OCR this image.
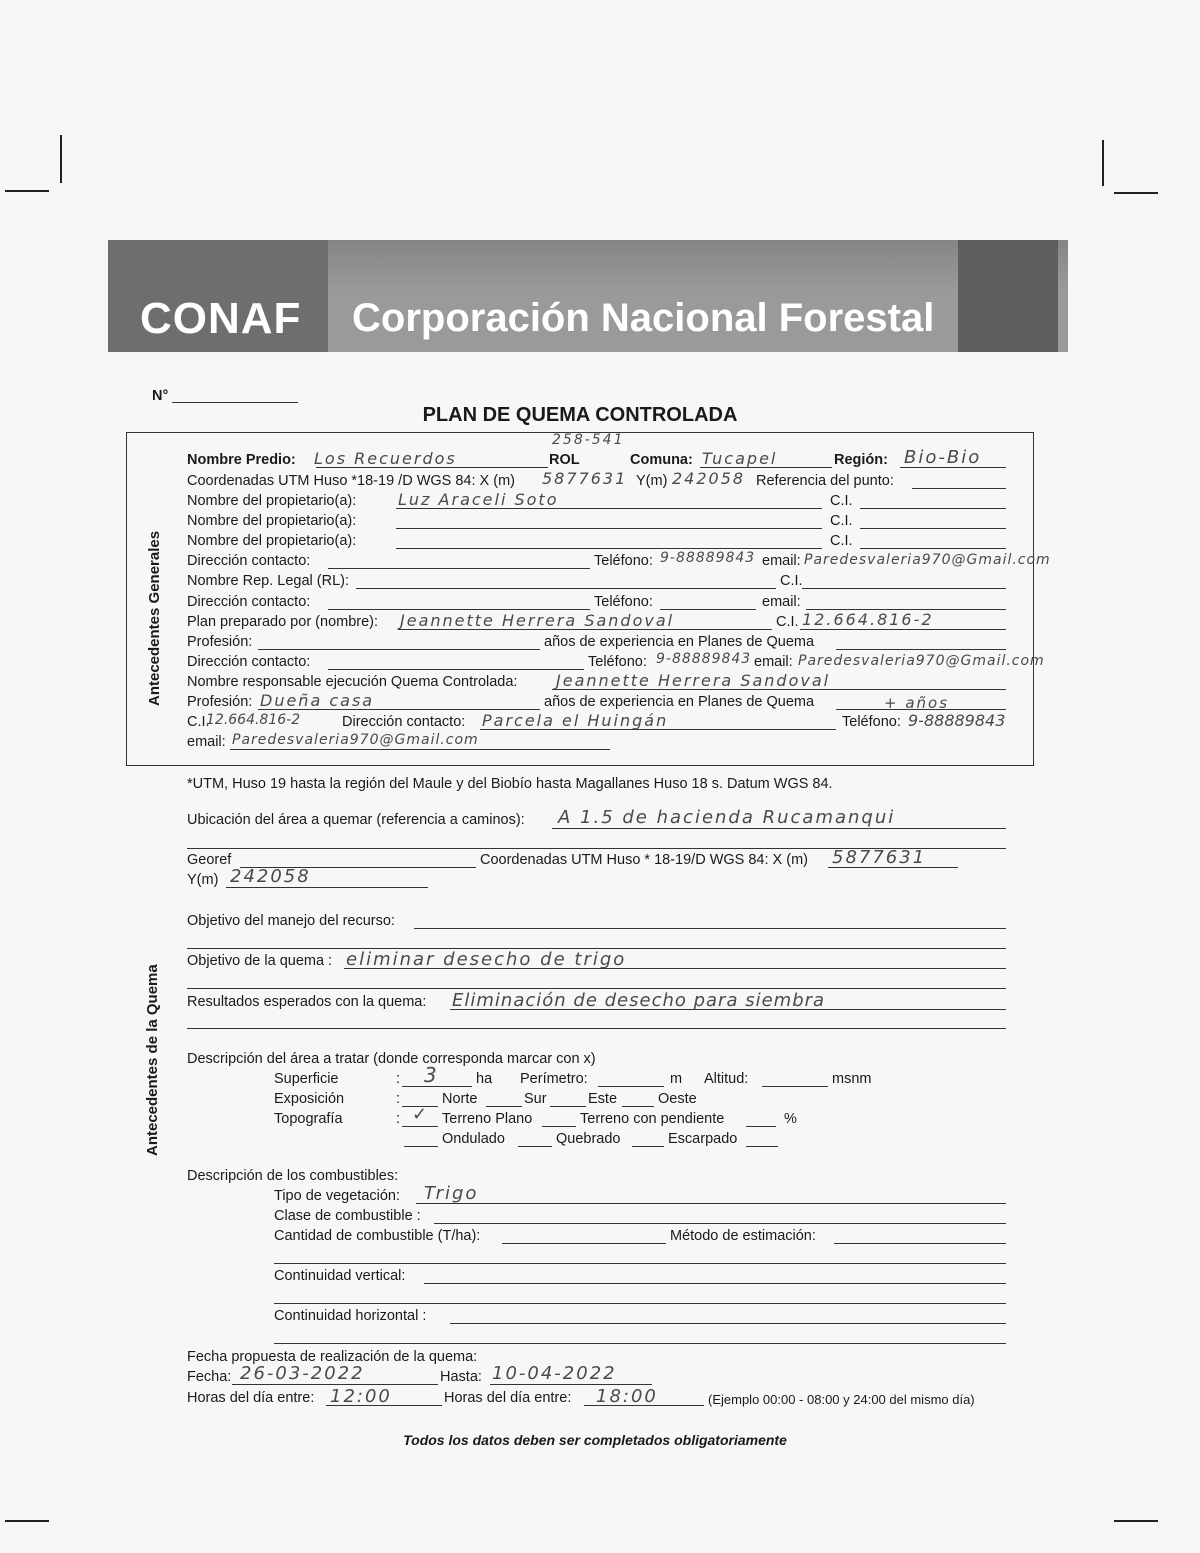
CONAF Corporación Nacional Forestal
N°
PLAN DE QUEMA CONTROLADA
Antecedentes Generales
Nombre Predio: Los Recuerdos	ROL
258-541
Comuna: Tucapel	Región: Bio-Bio
Coordenadas UTM Huso *18-19 /D WGS 84: X (m) 5877631 Y(m) 242058 Referencia del punto:
Nombre del propietario(a):	Luz Araceli Soto	C.I.
Nombre del propietario(a):	C.I.
Nombre del propietario(a):	C.I.
Dirección contacto:	Teléfono: 9-88889843 email: Paredesvaleria970@Gmail.com
Nombre Rep. Legal (RL):	C.I.
Dirección contacto:	Teléfono:	email:
Plan preparado por (nombre): Jeannette Herrera Sandoval	C.I. 12.664.816-2
Profesión:	años de experiencia en Planes de Quema
Dirección contacto:	Teléfono: 9-88889843 email: Paredesvaleria970@Gmail.com
Nombre responsable ejecución Quema Controlada: Jeannette Herrera Sandoval
Profesión: Dueña casa	años de experiencia en Planes de Quema	+ años
C.I.
12.664.816-2	Dirección contacto: Parcela el Huingán	Teléfono: 9-88889843
email: Paredesvaleria970@Gmail.com
*UTM, Huso 19 hasta la región del Maule y del Biobío hasta Magallanes Huso 18 s. Datum WGS 84.
Antecedentes de la Quema
Ubicación del área a quemar (referencia a caminos): A 1.5 de hacienda Rucamanqui
Georef	Coordenadas UTM Huso * 18-19/D WGS 84: X (m) 5877631
Y(m) 242058
Objetivo del manejo del recurso:
Objetivo de la quema : eliminar desecho de trigo
Resultados esperados con la quema: Eliminación de desecho para siembra
Descripción del área a tratar (donde corresponda marcar con x)
Superficie	: 3	ha Perímetro:	m Altitud:	msnm
Exposición	:	Norte	Sur	Este	Oeste
Topografía	: ✓ Terreno Plano	Terreno con pendiente	%
Ondulado	Quebrado	Escarpado
Descripción de los combustibles:
Tipo de vegetación: Trigo
Clase de combustible :
Cantidad de combustible (T/ha):	Método de estimación:
Continuidad vertical:
Continuidad horizontal :
Fecha propuesta de realización de la quema:
Fecha: 26-03-2022	Hasta: 10-04-2022
Horas del día entre: 12:00	Horas del día entre: 18:00	(Ejemplo 00:00 - 08:00 y 24:00 del mismo día)
Todos los datos deben ser completados obligatoriamente
